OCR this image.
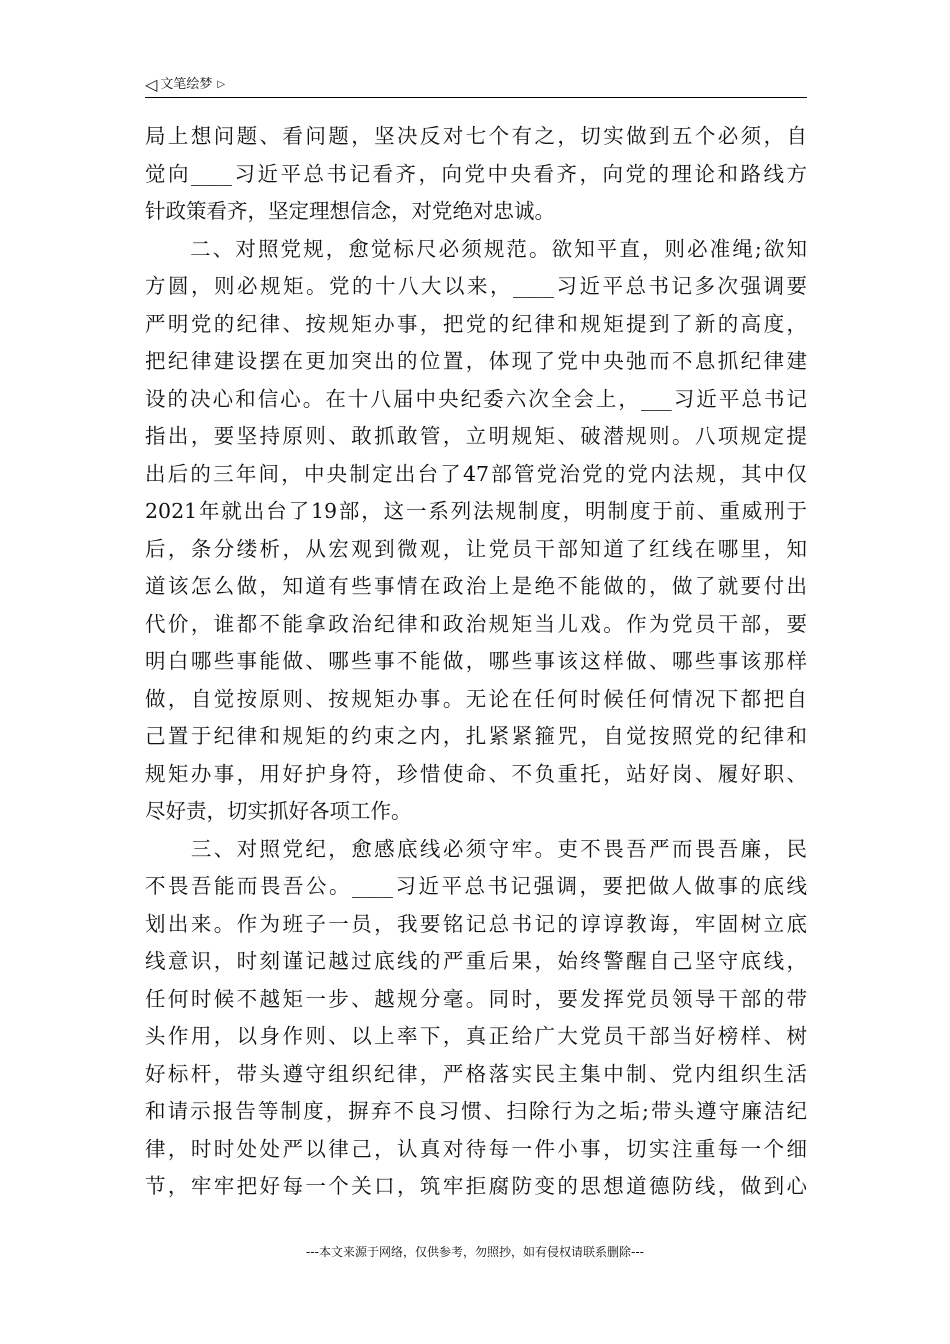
◁ 文笔绘梦 ▷
局上想问题、看问题，坚决反对七个有之，切实做到五个必须，自
觉向____习近平总书记看齐，向党中央看齐，向党的理论和路线方
针政策看齐，坚定理想信念，对党绝对忠诚。
　　二、对照党规，愈觉标尺必须规范。欲知平直，则必准绳;欲知
方圆，则必规矩。党的十八大以来，____习近平总书记多次强调要
严明党的纪律、按规矩办事，把党的纪律和规矩提到了新的高度，
把纪律建设摆在更加突出的位置，体现了党中央弛而不息抓纪律建
设的决心和信心。在十八届中央纪委六次全会上，___习近平总书记
指出，要坚持原则、敢抓敢管，立明规矩、破潜规则。八项规定提
出后的三年间，中央制定出台了47部管党治党的党内法规，其中仅
2021年就出台了19部，这一系列法规制度，明制度于前、重威刑于
后，条分缕析，从宏观到微观，让党员干部知道了红线在哪里，知
道该怎么做，知道有些事情在政治上是绝不能做的，做了就要付出
代价，谁都不能拿政治纪律和政治规矩当儿戏。作为党员干部，要
明白哪些事能做、哪些事不能做，哪些事该这样做、哪些事该那样
做，自觉按原则、按规矩办事。无论在任何时候任何情况下都把自
己置于纪律和规矩的约束之内，扎紧紧箍咒，自觉按照党的纪律和
规矩办事，用好护身符，珍惜使命、不负重托，站好岗、履好职、
尽好责，切实抓好各项工作。
　　三、对照党纪，愈感底线必须守牢。吏不畏吾严而畏吾廉，民
不畏吾能而畏吾公。____习近平总书记强调，要把做人做事的底线
划出来。作为班子一员，我要铭记总书记的谆谆教诲，牢固树立底
线意识，时刻谨记越过底线的严重后果，始终警醒自己坚守底线，
任何时候不越矩一步、越规分毫。同时，要发挥党员领导干部的带
头作用，以身作则、以上率下，真正给广大党员干部当好榜样、树
好标杆，带头遵守组织纪律，严格落实民主集中制、党内组织生活
和请示报告等制度，摒弃不良习惯、扫除行为之垢;带头遵守廉洁纪
律，时时处处严以律己，认真对待每一件小事，切实注重每一个细
节，牢牢把好每一个关口，筑牢拒腐防变的思想道德防线，做到心
---本文来源于网络，仅供参考，勿照抄，如有侵权请联系删除---
